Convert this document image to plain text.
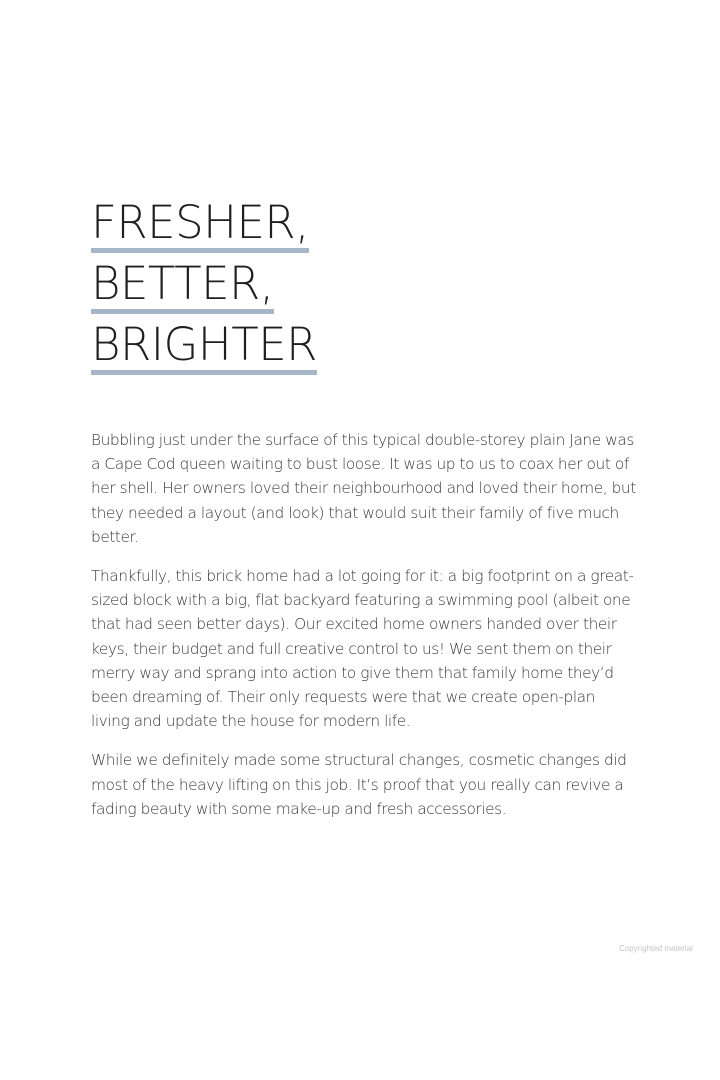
FRESHER,
BETTER,
BRIGHTER

Bubbling just under the surface of this typical double-storey plain Jane was a Cape Cod queen waiting to bust loose. It was up to us to coax her out of her shell. Her owners loved their neighbourhood and loved their home, but they needed a layout (and look) that would suit their family of five much better.

Thankfully, this brick home had a lot going for it: a big footprint on a great-sized block with a big, flat backyard featuring a swimming pool (albeit one that had seen better days). Our excited home owners handed over their keys, their budget and full creative control to us! We sent them on their merry way and sprang into action to give them that family home they’d been dreaming of. Their only requests were that we create open-plan living and update the house for modern life.

While we definitely made some structural changes, cosmetic changes did most of the heavy lifting on this job. It’s proof that you really can revive a fading beauty with some make-up and fresh accessories.

Copyrighted material
